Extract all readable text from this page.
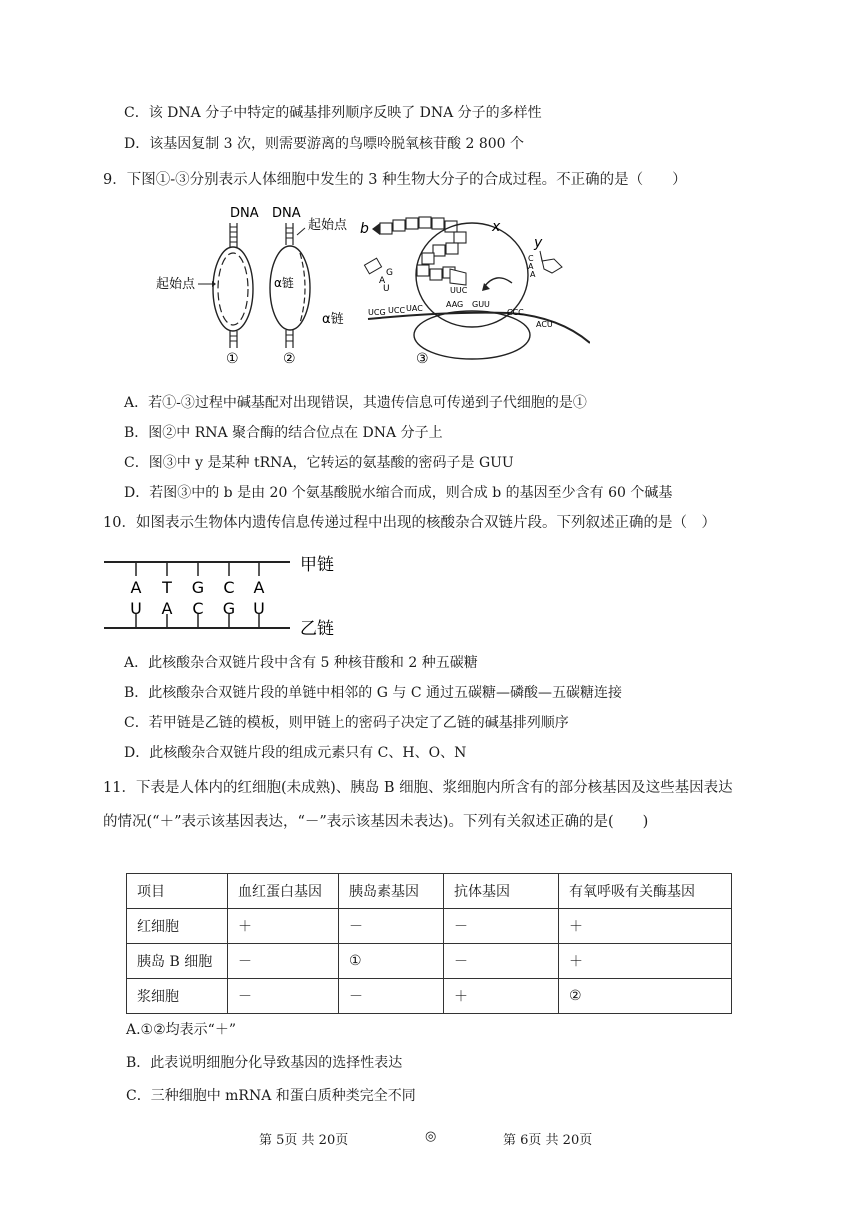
C．该 DNA 分子中特定的碱基排列顺序反映了 DNA 分子的多样性
D．该基因复制 3 次，则需要游离的鸟嘌呤脱氧核苷酸 2 800 个
9．下图①-③分别表示人体细胞中发生的 3 种生物大分子的合成过程。不正确的是（　　）
DNA
起始点
①
DNA
起始点
α链
②
b	x
α链	UCG UCC UAC	AAG GUU
CCC
ACU
UUC
G
A
U
y
C
A
A
③
A．若①-③过程中碱基配对出现错误，其遗传信息可传递到子代细胞的是①
B．图②中 RNA 聚合酶的结合位点在 DNA 分子上
C．图③中 y 是某种 tRNA，它转运的氨基酸的密码子是 GUU
D．若图③中的 b 是由 20 个氨基酸脱水缩合而成，则合成 b 的基因至少含有 60 个碱基
10．如图表示生物体内遗传信息传递过程中出现的核酸杂合双链片段。下列叙述正确的是（　）
A T G C A
U A C G U
甲链
乙链
A．此核酸杂合双链片段中含有 5 种核苷酸和 2 种五碳糖
B．此核酸杂合双链片段的单链中相邻的 G 与 C 通过五碳糖—磷酸—五碳糖连接
C．若甲链是乙链的模板，则甲链上的密码子决定了乙链的碱基排列顺序
D．此核酸杂合双链片段的组成元素只有 C、H、O、N
11．下表是人体内的红细胞(未成熟)、胰岛 B 细胞、浆细胞内所含有的部分核基因及这些基因表达
的情况(“＋”表示该基因表达，“－”表示该基因未表达)。下列有关叙述正确的是(　　)
项目	血红蛋白基因	胰岛素基因	抗体基因	有氧呼吸有关酶基因
红细胞	＋	－	－	＋
胰岛 B 细胞	－	①	－	＋
浆细胞	－	－	＋	②
A.①②均表示“＋”
B．此表说明细胞分化导致基因的选择性表达
C．三种细胞中 mRNA 和蛋白质种类完全不同
第 5页 共 20页	◎	第 6页 共 20页
